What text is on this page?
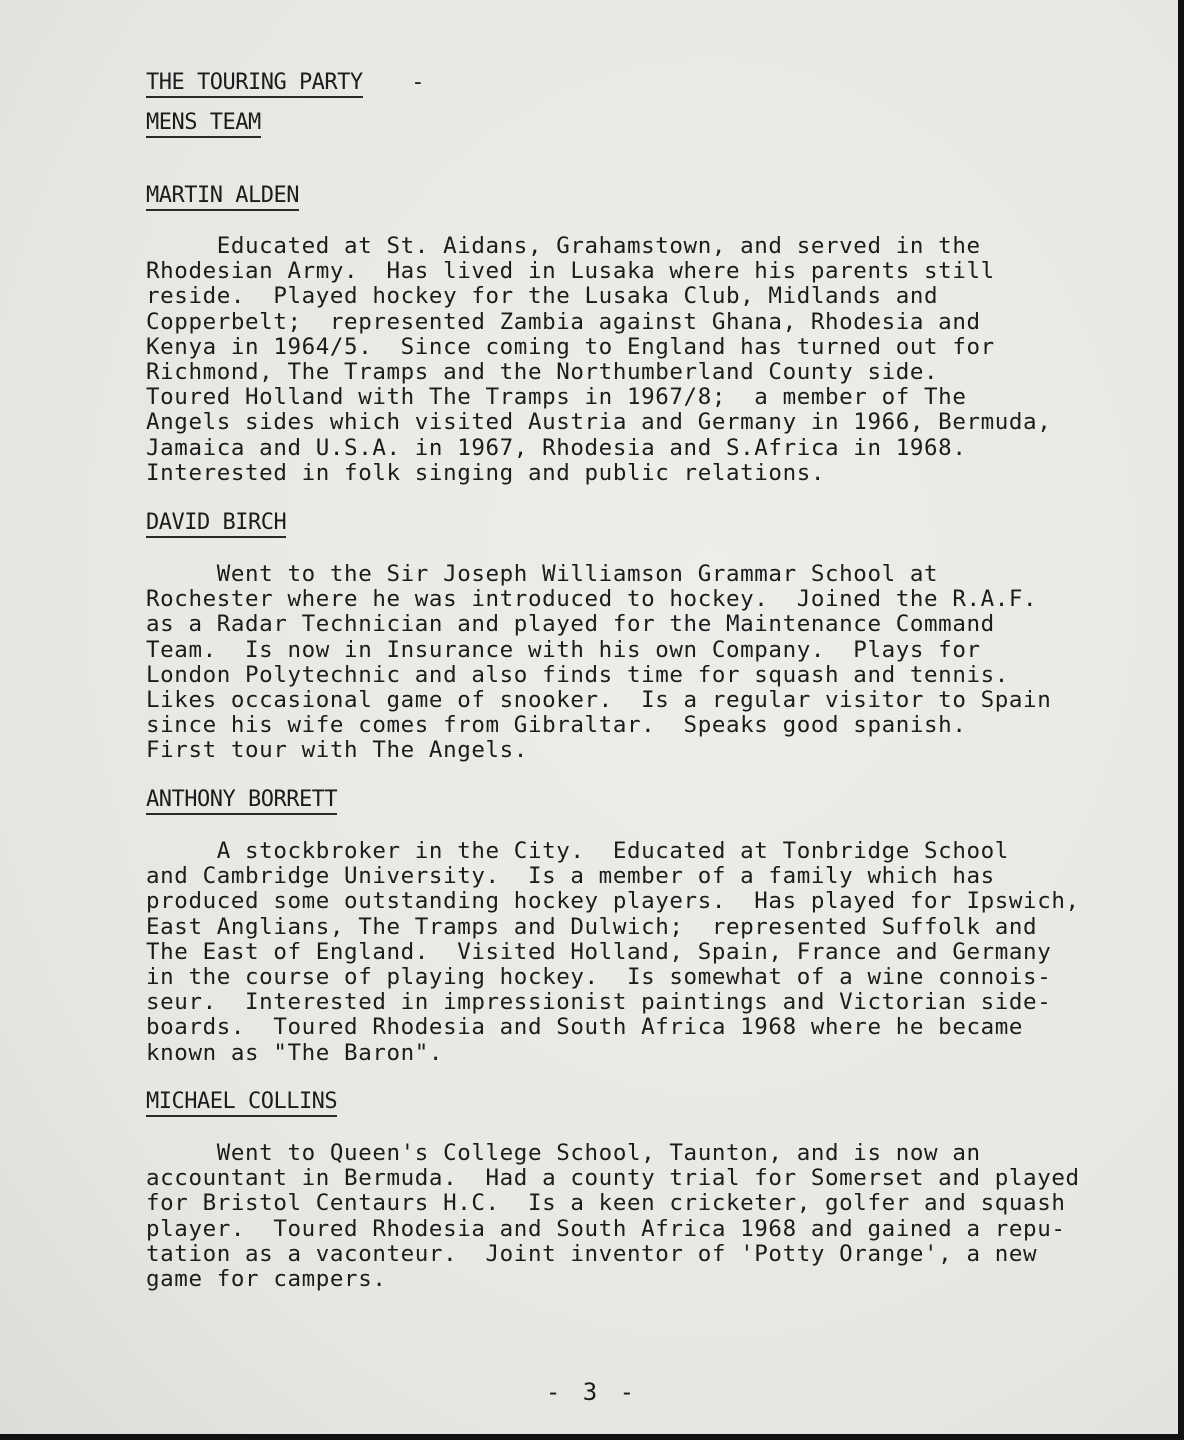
THE TOURING PARTY -
MENS TEAM
MARTIN ALDEN
Educated at St. Aidans, Grahamstown, and served in the
Rhodesian Army.  Has lived in Lusaka where his parents still
reside.  Played hockey for the Lusaka Club, Midlands and
Copperbelt;  represented Zambia against Ghana, Rhodesia and
Kenya in 1964/5.  Since coming to England has turned out for
Richmond, The Tramps and the Northumberland County side.
Toured Holland with The Tramps in 1967/8;  a member of The
Angels sides which visited Austria and Germany in 1966, Bermuda,
Jamaica and U.S.A. in 1967, Rhodesia and S.Africa in 1968.
Interested in folk singing and public relations.
DAVID BIRCH
Went to the Sir Joseph Williamson Grammar School at
Rochester where he was introduced to hockey.  Joined the R.A.F.
as a Radar Technician and played for the Maintenance Command
Team.  Is now in Insurance with his own Company.  Plays for
London Polytechnic and also finds time for squash and tennis.
Likes occasional game of snooker.  Is a regular visitor to Spain
since his wife comes from Gibraltar.  Speaks good spanish.
First tour with The Angels.
ANTHONY BORRETT
A stockbroker in the City.  Educated at Tonbridge School
and Cambridge University.  Is a member of a family which has
produced some outstanding hockey players.  Has played for Ipswich,
East Anglians, The Tramps and Dulwich;  represented Suffolk and
The East of England.  Visited Holland, Spain, France and Germany
in the course of playing hockey.  Is somewhat of a wine connois-
seur.  Interested in impressionist paintings and Victorian side-
boards.  Toured Rhodesia and South Africa 1968 where he became
known as "The Baron".
MICHAEL COLLINS
Went to Queen's College School, Taunton, and is now an
accountant in Bermuda.  Had a county trial for Somerset and played
for Bristol Centaurs H.C.  Is a keen cricketer, golfer and squash
player.  Toured Rhodesia and South Africa 1968 and gained a repu-
tation as a vaconteur.  Joint inventor of 'Potty Orange', a new
game for campers.
- 3 -
